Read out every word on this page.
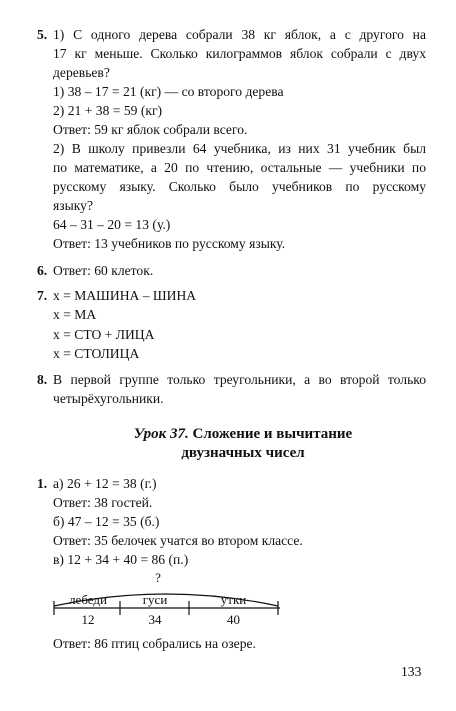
5. 1) С одного дерева собрали 38 кг яблок, а с другого на
17 кг меньше. Сколько килограммов яблок собрали с двух
деревьев?
1) 38 – 17 = 21 (кг) — со второго дерева
2) 21 + 38 = 59 (кг)
Ответ: 59 кг яблок собрали всего.
2) В школу привезли 64 учебника, из них 31 учебник был
по математике, а 20 по чтению, остальные — учебники по
русскому языку. Сколько было учебников по русскому
языку?
64 – 31 – 20 = 13 (у.)
Ответ: 13 учебников по русскому языку.
6. Ответ: 60 клеток.
7. x = МАШИНА – ШИНА
x = МА
x = СТО + ЛИЦА
x = СТОЛИЦА
8. В первой группе только треугольники, а во второй только
четырёхугольники.
Урок 37. Сложение и вычитание
двузначных чисел
1. а) 26 + 12 = 38 (г.)
Ответ: 38 гостей.
б) 47 – 12 = 35 (б.)
Ответ: 35 белочек учатся во втором классе.
в) 12 + 34 + 40 = 86 (п.)
?
лебеди	гуси	утки
12	34	40
Ответ: 86 птиц собрались на озере.
133
